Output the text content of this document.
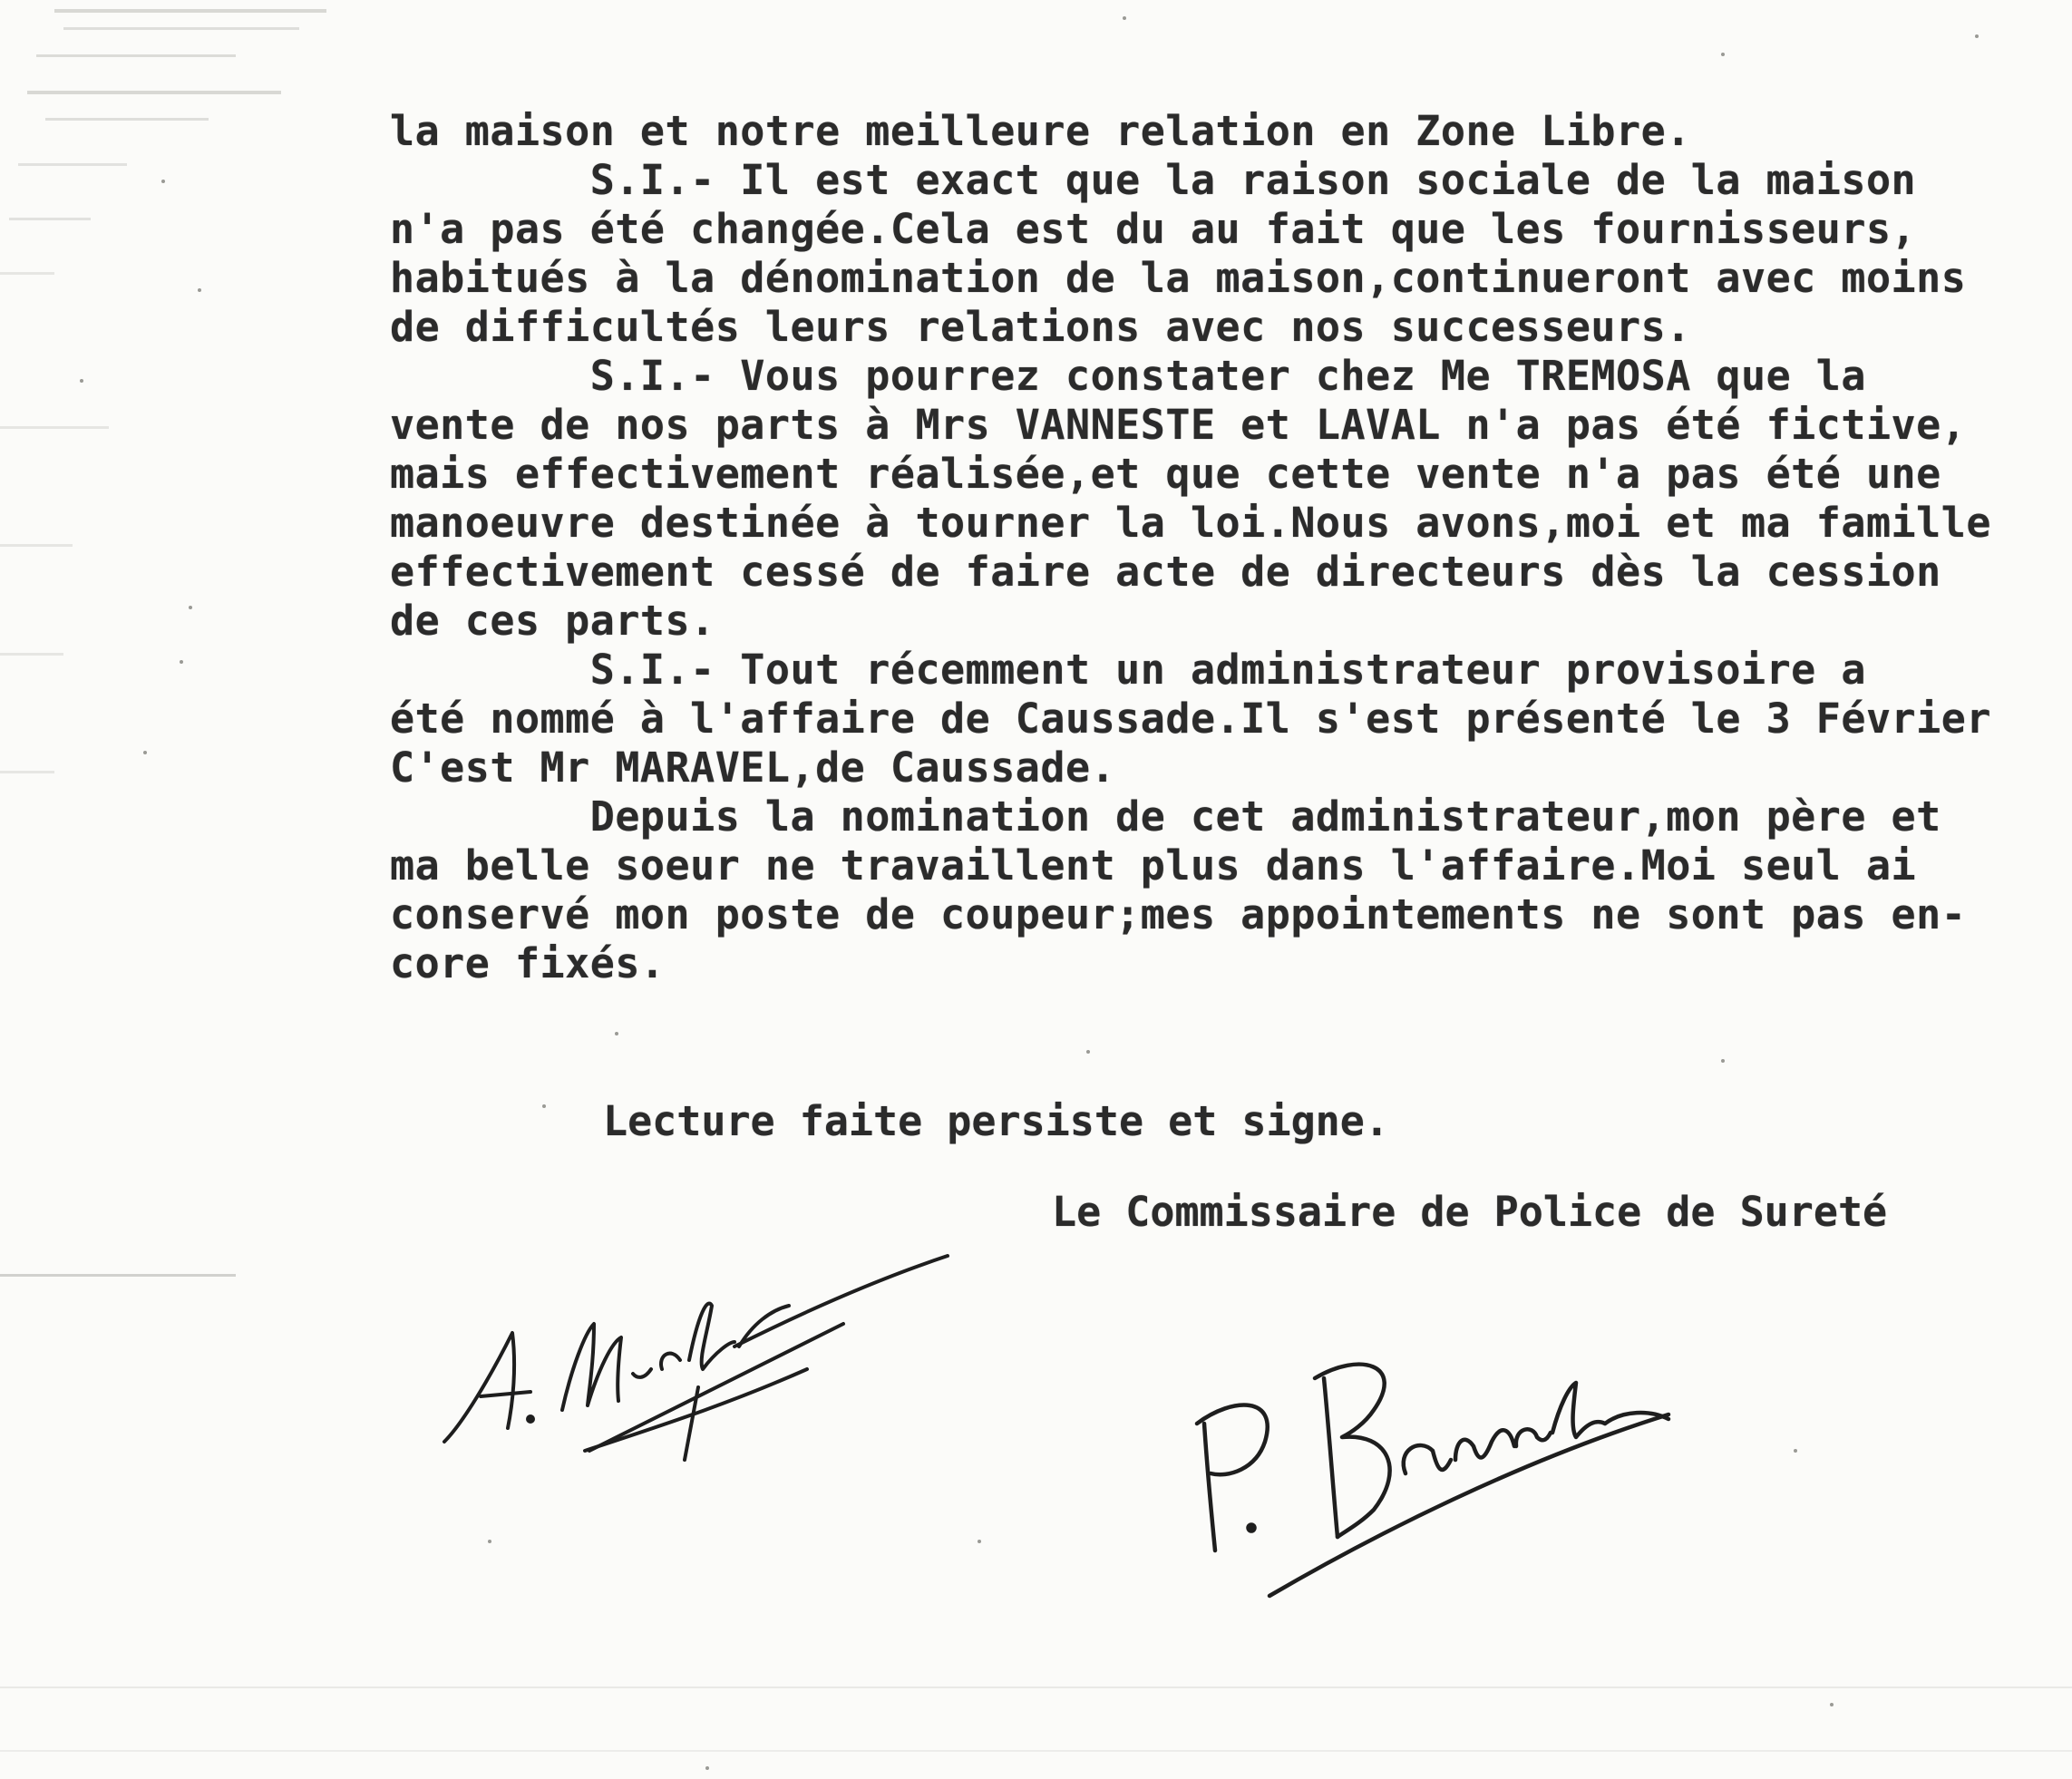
la maison et notre meilleure relation en Zone Libre.
S.I.- Il est exact que la raison sociale de la maison
n'a pas été changée.Cela est du au fait que les fournisseurs,
habitués à la dénomination de la maison,continueront avec moins
de difficultés leurs relations avec nos successeurs.
S.I.- Vous pourrez constater chez Me TREMOSA que la
vente de nos parts à Mrs VANNESTE et LAVAL n'a pas été fictive,
mais effectivement réalisée,et que cette vente n'a pas été une
manoeuvre destinée à tourner la loi.Nous avons,moi et ma famille
effectivement cessé de faire acte de directeurs dès la cession
de ces parts.
S.I.- Tout récemment un administrateur provisoire a
été nommé à l'affaire de Caussade.Il s'est présenté le 3 Février
C'est Mr MARAVEL,de Caussade.
Depuis la nomination de cet administrateur,mon père et
ma belle soeur ne travaillent plus dans l'affaire.Moi seul ai
conservé mon poste de coupeur;mes appointements ne sont pas en-
core fixés.
Lecture faite persiste et signe.
Le Commissaire de Police de Sureté
